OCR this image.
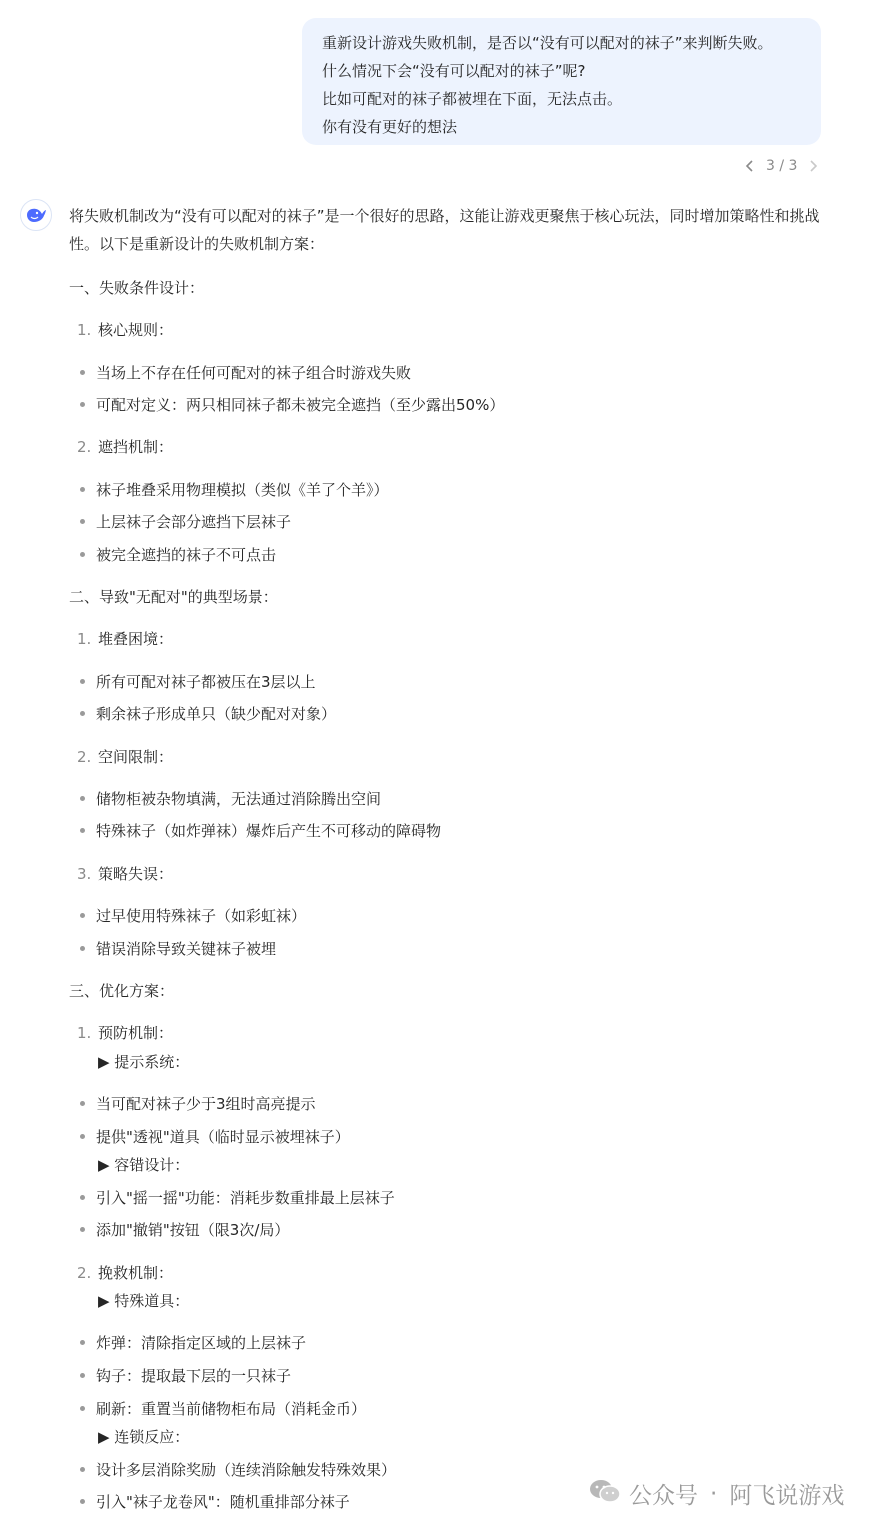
重新设计游戏失败机制，是否以“没有可以配对的袜子”来判断失败。
什么情况下会“没有可以配对的袜子”呢?
比如可配对的袜子都被埋在下面，无法点击。
你有没有更好的想法
3 / 3
将失败机制改为“没有可以配对的袜子”是一个很好的思路，这能让游戏更聚焦于核心玩法，同时增加策略性和挑战性。以下是重新设计的失败机制方案：
一、失败条件设计：
1. 核心规则：
当场上不存在任何可配对的袜子组合时游戏失败
可配对定义：两只相同袜子都未被完全遮挡（至少露出50%）
2. 遮挡机制：
袜子堆叠采用物理模拟（类似《羊了个羊》）
上层袜子会部分遮挡下层袜子
被完全遮挡的袜子不可点击
二、导致"无配对"的典型场景：
1. 堆叠困境：
所有可配对袜子都被压在3层以上
剩余袜子形成单只（缺少配对对象）
2. 空间限制：
储物柜被杂物填满，无法通过消除腾出空间
特殊袜子（如炸弹袜）爆炸后产生不可移动的障碍物
3. 策略失误：
过早使用特殊袜子（如彩虹袜）
错误消除导致关键袜子被埋
三、优化方案：
1. 预防机制：
▶ 提示系统：
当可配对袜子少于3组时高亮提示
提供"透视"道具（临时显示被埋袜子）
▶ 容错设计：
引入"摇一摇"功能：消耗步数重排最上层袜子
添加"撤销"按钮（限3次/局）
2. 挽救机制：
▶ 特殊道具：
炸弹：清除指定区域的上层袜子
钩子：提取最下层的一只袜子
刷新：重置当前储物柜布局（消耗金币）
▶ 连锁反应：
设计多层消除奖励（连续消除触发特殊效果）
引入"袜子龙卷风"：随机重排部分袜子	公众号 · 阿飞说游戏
